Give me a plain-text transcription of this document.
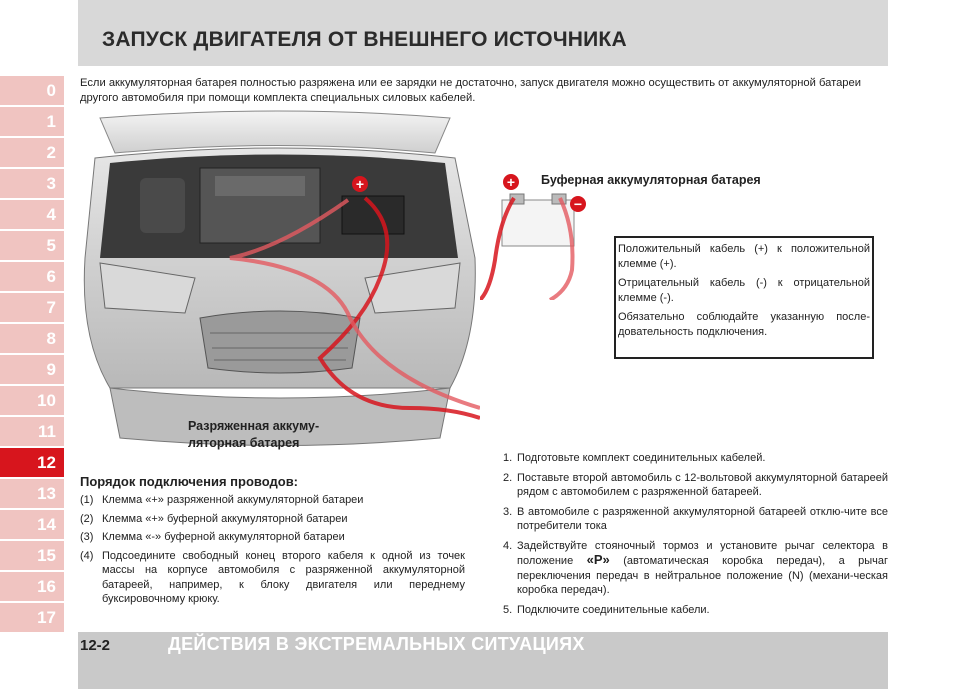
ЗАПУСК ДВИГАТЕЛЯ ОТ ВНЕШНЕГО ИСТОЧНИКА
0
1
2
3
4
5
6
7
8
9
10
11
12
13
14
15
16
17
Если аккумуляторная батарея полностью разряжена или ее зарядки не достаточно, запуск двигателя можно осуществить от аккумуляторной батареи другого автомобиля при помощи комплекта специальных силовых кабелей.
+	+
−
Буферная аккумуляторная батарея
Разряженная аккуму-ляторная батарея

Положительный кабель (+) к положительной клемме (+).

Отрицательный кабель (-) к отрицательной клемме (-).

Обязательно соблюдайте указанную после-довательность подключения.

Порядок подключения проводов:
(1) Клемма «+» разряженной аккумуляторной батареи
(2) Клемма «+» буферной аккумуляторной батареи
(3) Клемма «-» буферной аккумуляторной батареи
(4) Подсоедините свободный конец второго кабеля к одной из точек массы на корпусе автомобиля с разряженной аккумуляторной батареей, например, к блоку двигателя или переднему буксировочному крюку.
1. Подготовьте комплект соединительных кабелей.
2. Поставьте второй автомобиль с 12-вольтовой аккумуляторной батареей рядом с автомобилем с разряженной батареей.
3. В автомобиле с разряженной аккумуляторной батареей отклю-чите все потребители тока
4. Задействуйте стояночный тормоз и установите рычаг селектора в положение «P» (автоматическая коробка передач), а рычаг переключения передач в нейтральное положение (N) (механи-ческая коробка передач).
5. Подключите соединительные кабели.
12-2	ДЕЙСТВИЯ В ЭКСТРЕМАЛЬНЫХ СИТУАЦИЯХ
